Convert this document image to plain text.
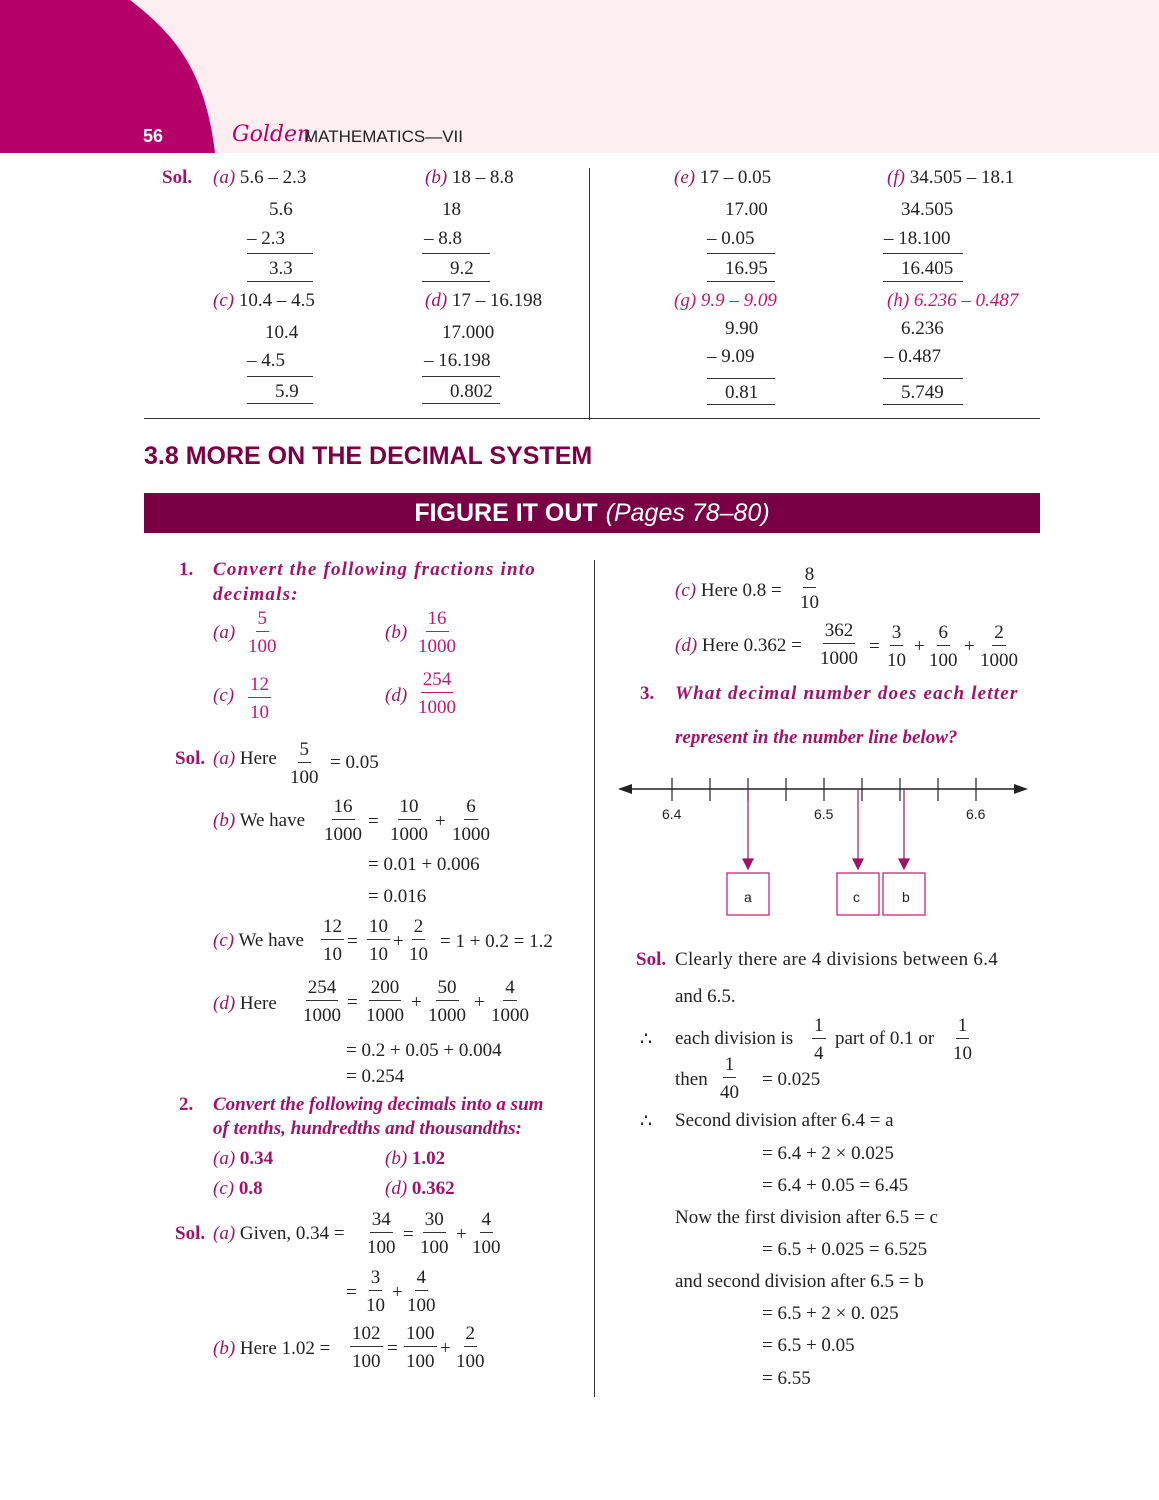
56	Golden
MATHEMATICS—VII
Sol. (a) 5.6 – 2.3
5.6
– 2.3
3.3
(b) 18 – 8.8
18
– 8.8
9.2
(c) 10.4 – 4.5
10.4
– 4.5
5.9
(d) 17 – 16.198
17.000
– 16.198
0.802
(e) 17 – 0.05
17.00
– 0.05
16.95
(f) 34.505 – 18.1
34.505
– 18.100
16.405
(g) 9.9 – 9.09
9.90
– 9.09
0.81
(h) 6.236 – 0.487
6.236
– 0.487
5.749
3.8 MORE ON THE DECIMAL SYSTEM
FIGURE IT OUT (Pages 78–80)
1. Convert the following fractions into
decimals:
(a)
5
100
(b)
16
1000
(c)
12
10
(d)
254
1000
Sol. (a) Here 5
100
= 0.05
(b) We have
16
1000
=
10
1000
+
6
1000
= 0.01 + 0.006
= 0.016
(c) We have
12
10
=
10
10
+
2
10
= 1 + 0.2 = 1.2
(d) Here
254
1000
=
200
1000
+
50
1000
+
4
1000
= 0.2 + 0.05 + 0.004
= 0.254
2. Convert the following decimals into a sum
of tenths, hundredths and thousandths:
(a) 0.34	(b) 1.02
(c) 0.8	(d) 0.362
Sol. (a) Given, 0.34 =
34
100
=
30
100
+
4
100
=
3
10
+
4
100
(b) Here 1.02 =
102
100
=
100
100
+
2
100
(c) Here 0.8 =
8
10
(d) Here 0.362 =
362
1000
=
3
10
+
6
100
+
2
1000
3. What decimal number does each letter
represent in the number line below?
6.4	6.5	6.6
a	c	b
Sol. Clearly there are 4 divisions between 6.4
and 6.5.
∴ each division is
1
4
part of 0.1 or
1
10
then
1
40
= 0.025
∴ Second division after 6.4 = a
= 6.4 + 2 × 0.025
= 6.4 + 0.05 = 6.45
Now the first division after 6.5 = c
= 6.5 + 0.025 = 6.525
and second division after 6.5 = b
= 6.5 + 2 × 0. 025
= 6.5 + 0.05
= 6.55
